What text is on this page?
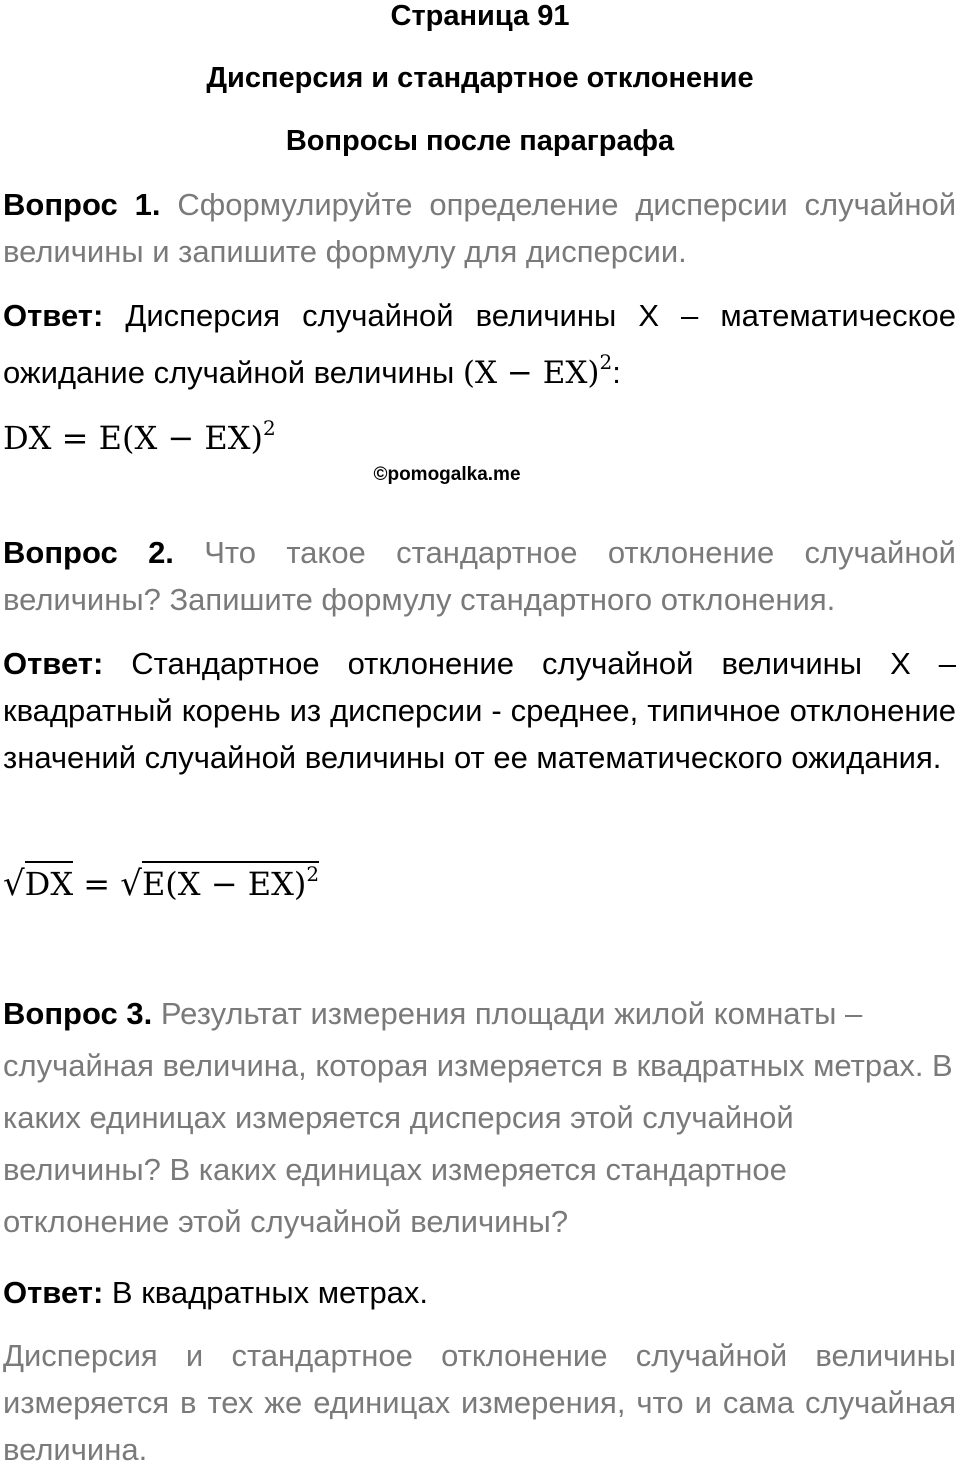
Страница 91
Дисперсия и стандартное отклонение
Вопросы после параграфа
Вопрос 1. Сформулируйте определение дисперсии случайной величины и запишите формулу для дисперсии.
Ответ: Дисперсия случайной величины X – математическое ожидание случайной величины (X − EX)$^2$:
DX = E(X − EX)$^2$
©pomogalka.me
Вопрос 2. Что такое стандартное отклонение случайной величины? Запишите формулу стандартного отклонения.
Ответ: Стандартное отклонение случайной величины X – квадратный корень из дисперсии - среднее, типичное отклонение значений случайной величины от ее математического ожидания.
√DX = √E(X − EX)$^2$
Вопрос 3. Результат измерения площади жилой комнаты – случайная величина, которая измеряется в квадратных метрах. В каких единицах измеряется дисперсия этой случайной величины? В каких единицах измеряется стандартное отклонение этой случайной величины?
Ответ: В квадратных метрах.
Дисперсия и стандартное отклонение случайной величины измеряется в тех же единицах измерения, что и сама случайная величина.
